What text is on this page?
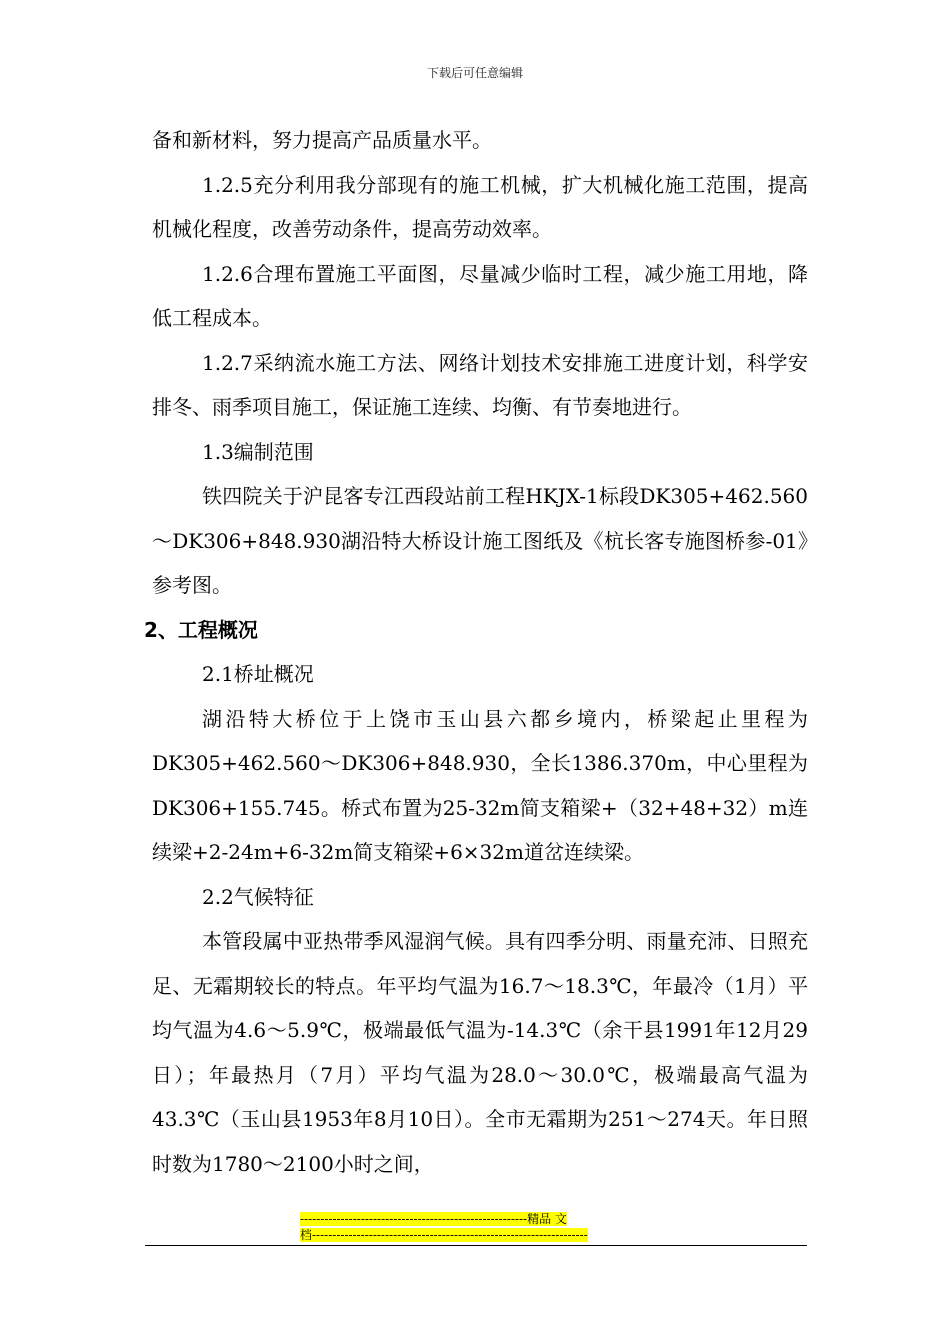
下载后可任意编辑

备和新材料，努力提高产品质量水平。

1.2.5充分利用我分部现有的施工机械，扩大机械化施工范围，提高机械化程度，改善劳动条件，提高劳动效率。

1.2.6合理布置施工平面图，尽量减少临时工程，减少施工用地，降低工程成本。

1.2.7采纳流水施工方法、网络计划技术安排施工进度计划，科学安排冬、雨季项目施工，保证施工连续、均衡、有节奏地进行。

1.3编制范围

铁四院关于沪昆客专江西段站前工程HKJX-1标段DK305+462.560～DK306+848.930湖沿特大桥设计施工图纸及《杭长客专施图桥参-01》参考图。

2、工程概况

2.1桥址概况

湖沿特大桥位于上饶市玉山县六都乡境内，桥梁起止里程为DK305+462.560～DK306+848.930，全长1386.370m，中心里程为DK306+155.745。桥式布置为25-32m简支箱梁+（32+48+32）m连续梁+2-24m+6-32m简支箱梁+6×32m道岔连续梁。

2.2气候特征

本管段属中亚热带季风湿润气候。具有四季分明、雨量充沛、日照充足、无霜期较长的特点。年平均气温为16.7～18.3℃，年最冷（1月）平均气温为4.6～5.9℃，极端最低气温为-14.3℃（余干县1991年12月29日）；年最热月（7月）平均气温为28.0～30.0℃，极端最高气温为43.3℃（玉山县1953年8月10日）。全市无霜期为251～274天。年日照时数为1780～2100小时之间，

--------------------------------------------------------精品 文
档--------------------------------------------------------------------
